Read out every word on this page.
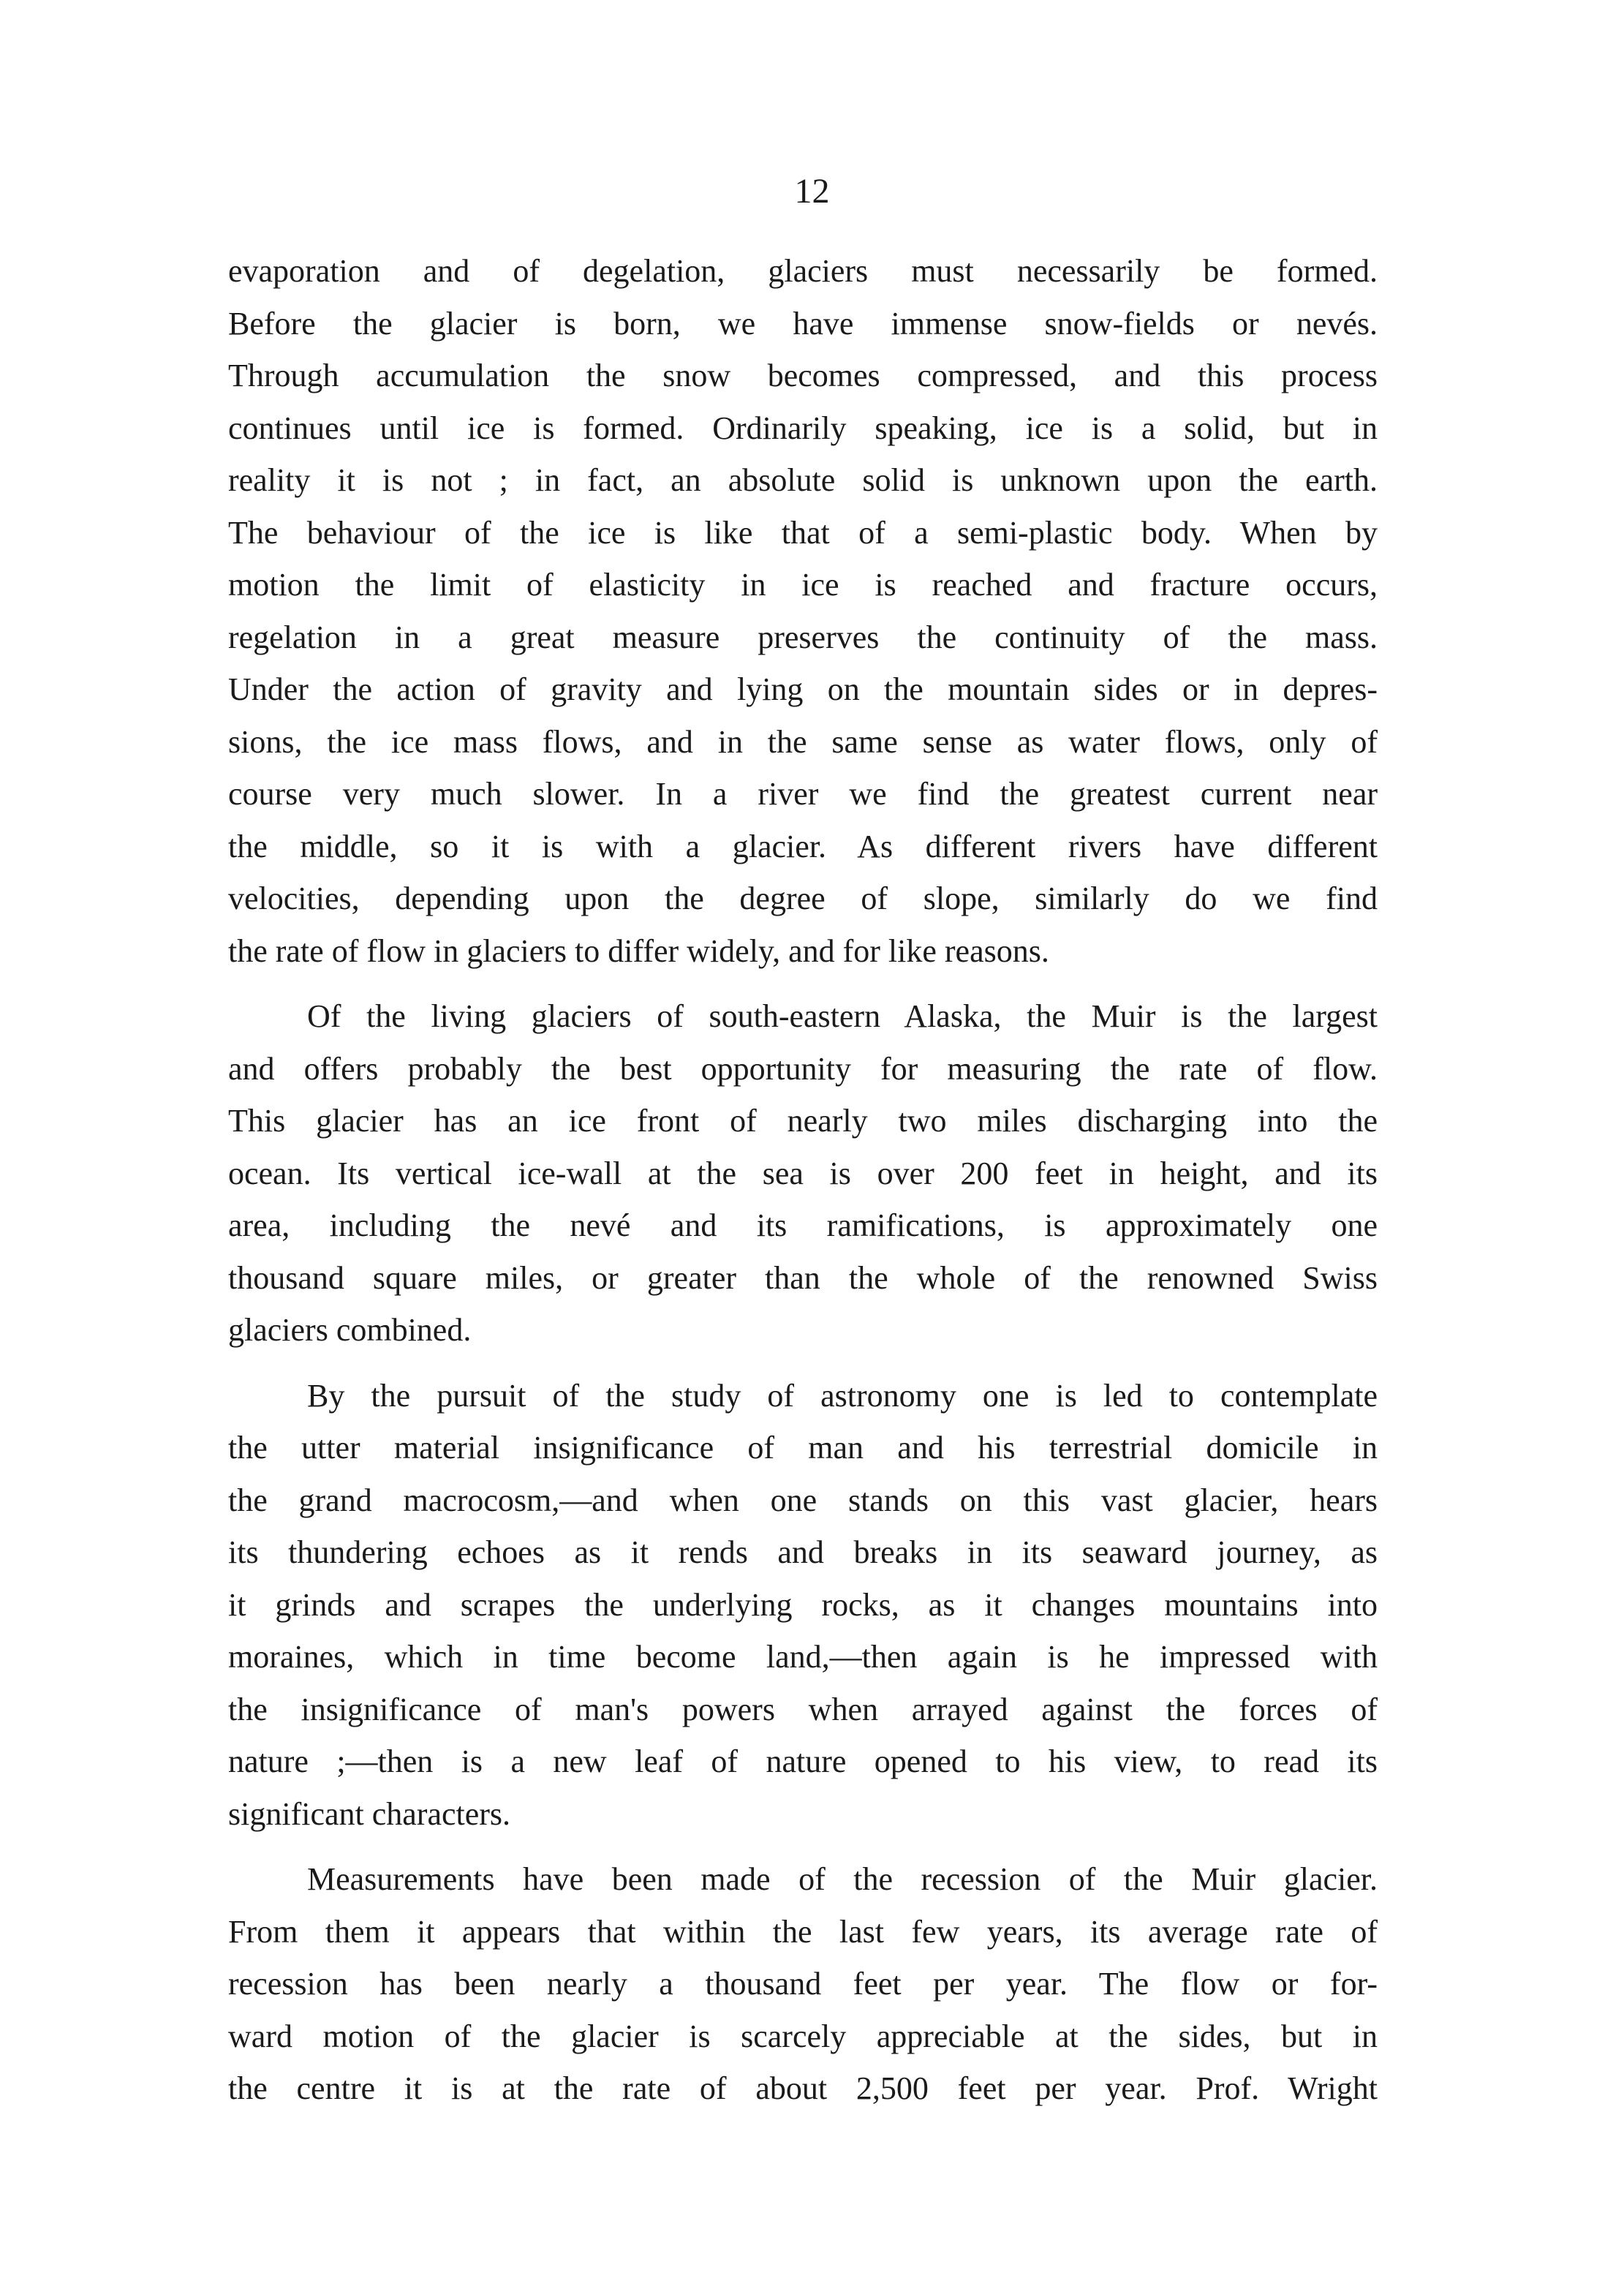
12
evaporation and of degelation, glaciers must necessarily be formed.
Before the glacier is born, we have immense snow-fields or nevés.
Through accumulation the snow becomes compressed, and this process
continues until ice is formed. Ordinarily speaking, ice is a solid, but in
reality it is not ; in fact, an absolute solid is unknown upon the earth.
The behaviour of the ice is like that of a semi-plastic body. When by
motion the limit of elasticity in ice is reached and fracture occurs,
regelation in a great measure preserves the continuity of the mass.
Under the action of gravity and lying on the mountain sides or in depres-
sions, the ice mass flows, and in the same sense as water flows, only of
course very much slower. In a river we find the greatest current near
the middle, so it is with a glacier. As different rivers have different
velocities, depending upon the degree of slope, similarly do we find
the rate of flow in glaciers to differ widely, and for like reasons.
Of the living glaciers of south-eastern Alaska, the Muir is the largest
and offers probably the best opportunity for measuring the rate of flow.
This glacier has an ice front of nearly two miles discharging into the
ocean. Its vertical ice-wall at the sea is over 200 feet in height, and its
area, including the nevé and its ramifications, is approximately one
thousand square miles, or greater than the whole of the renowned Swiss
glaciers combined.
By the pursuit of the study of astronomy one is led to contemplate
the utter material insignificance of man and his terrestrial domicile in
the grand macrocosm,—and when one stands on this vast glacier, hears
its thundering echoes as it rends and breaks in its seaward journey, as
it grinds and scrapes the underlying rocks, as it changes mountains into
moraines, which in time become land,—then again is he impressed with
the insignificance of man's powers when arrayed against the forces of
nature ;—then is a new leaf of nature opened to his view, to read its
significant characters.
Measurements have been made of the recession of the Muir glacier.
From them it appears that within the last few years, its average rate of
recession has been nearly a thousand feet per year. The flow or for-
ward motion of the glacier is scarcely appreciable at the sides, but in
the centre it is at the rate of about 2,500 feet per year. Prof. Wright
